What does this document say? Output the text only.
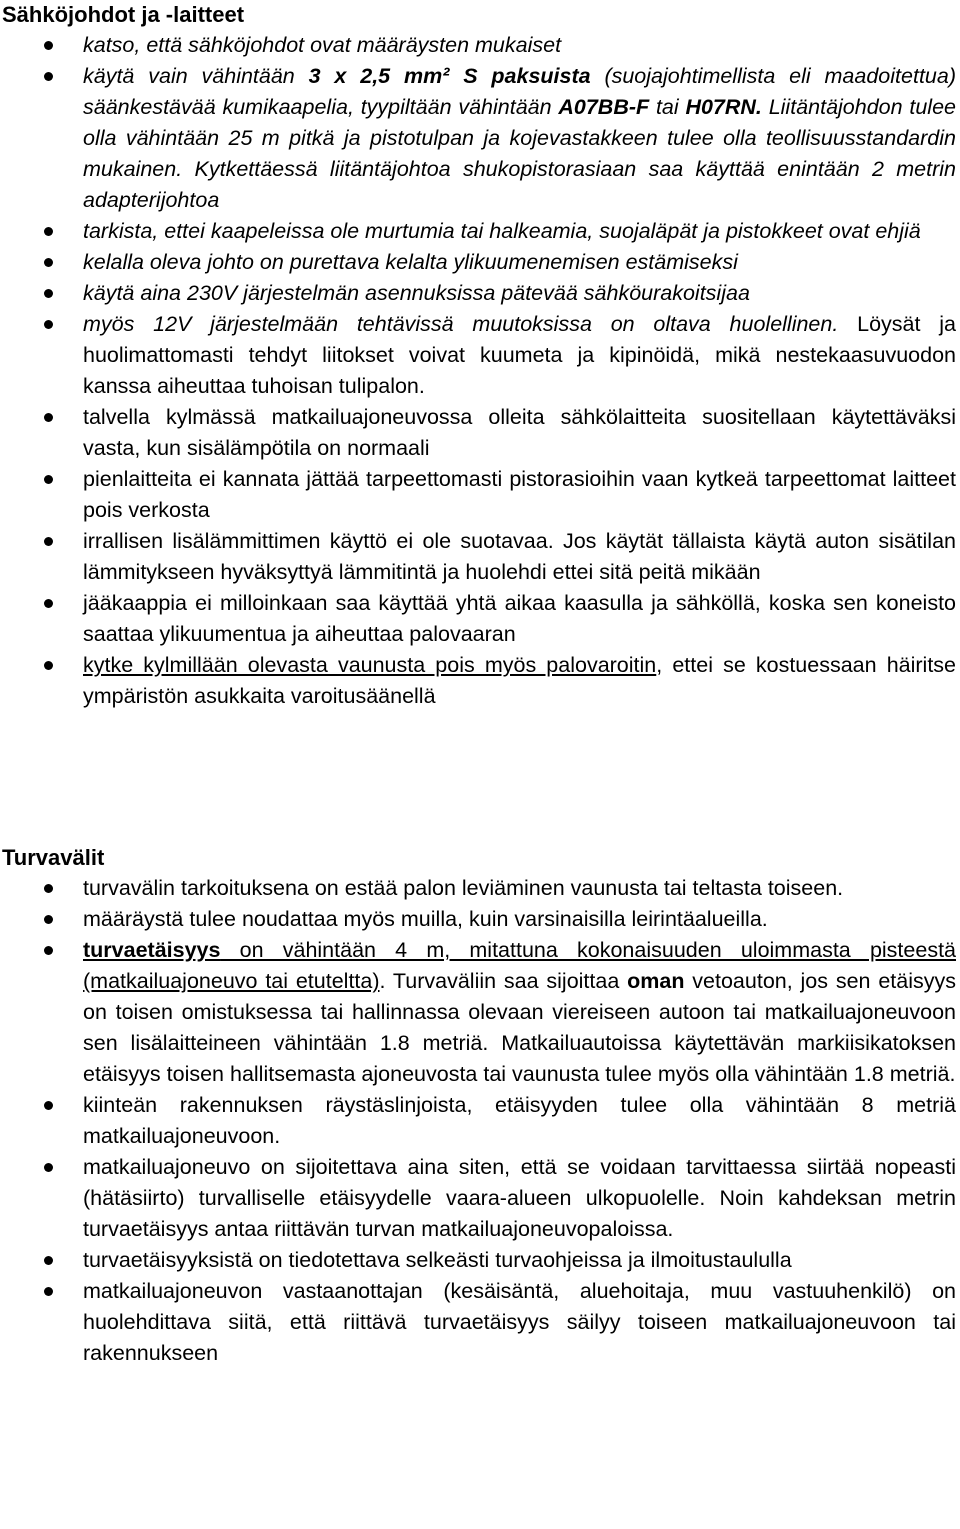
Sähköjohdot ja -laitteet
katso, että sähköjohdot ovat määräysten mukaiset
käytä vain vähintään 3 x 2,5 mm² S paksuista (suojajohtimellista eli maadoitettua) säänkestävää kumikaapelia, tyypiltään vähintään A07BB-F tai H07RN. Liitäntäjohdon tulee olla vähintään 25 m pitkä ja pistotulpan ja kojevastakkeen tulee olla teollisuusstandardin mukainen. Kytkettäessä liitäntäjohtoa shukopistorasiaan saa käyttää enintään 2 metrin adapterijohtoa
tarkista, ettei kaapeleissa ole murtumia tai halkeamia, suojaläpät ja pistokkeet ovat ehjiä
kelalla oleva johto on purettava kelalta ylikuumenemisen estämiseksi
käytä aina 230V järjestelmän asennuksissa pätevää sähköurakoitsijaa
myös 12V järjestelmään tehtävissä muutoksissa on oltava huolellinen. Löysät ja huolimattomasti tehdyt liitokset voivat kuumeta ja kipinöidä, mikä nestekaasuvuodon kanssa aiheuttaa tuhoisan tulipalon.
talvella kylmässä matkailuajoneuvossa olleita sähkölaitteita suositellaan käytettäväksi vasta, kun sisälämpötila on normaali
pienlaitteita ei kannata jättää tarpeettomasti pistorasioihin vaan kytkeä tarpeettomat laitteet pois verkosta
irrallisen lisälämmittimen käyttö ei ole suotavaa. Jos käytät tällaista käytä auton sisätilan lämmitykseen hyväksyttyä lämmitintä ja huolehdi ettei sitä peitä mikään
jääkaappia ei milloinkaan saa käyttää yhtä aikaa kaasulla ja sähköllä, koska sen koneisto saattaa ylikuumentua ja aiheuttaa palovaaran
kytke kylmillään olevasta vaunusta pois myös palovaroitin, ettei se kostuessaan häiritse ympäristön asukkaita varoitusäänellä
Turvavälit
turvavälin tarkoituksena on estää palon leviäminen vaunusta tai teltasta toiseen.
määräystä tulee noudattaa myös muilla, kuin varsinaisilla leirintäalueilla.
turvaetäisyys on vähintään 4 m, mitattuna kokonaisuuden uloimmasta pisteestä (matkailuajoneuvo tai etuteltta). Turvaväliin saa sijoittaa oman vetoauton, jos sen etäisyys on toisen omistuksessa tai hallinnassa olevaan viereiseen autoon tai matkailuajoneuvoon sen lisälaitteineen vähintään 1.8 metriä. Matkailuautoissa käytettävän markiisikatoksen etäisyys toisen hallitsemasta ajoneuvosta tai vaunusta tulee myös olla vähintään 1.8 metriä.
kiinteän rakennuksen räystäslinjoista, etäisyyden tulee olla vähintään 8 metriä matkailuajoneuvoon.
matkailuajoneuvo on sijoitettava aina siten, että se voidaan tarvittaessa siirtää nopeasti (hätäsiirto) turvalliselle etäisyydelle vaara-alueen ulkopuolelle. Noin kahdeksan metrin turvaetäisyys antaa riittävän turvan matkailuajoneuvopaloissa.
turvaetäisyyksistä on tiedotettava selkeästi turvaohjeissa ja ilmoitustaululla
matkailuajoneuvon vastaanottajan (kesäisäntä, aluehoitaja, muu vastuuhenkilö) on huolehdittava siitä, että riittävä turvaetäisyys säilyy toiseen matkailuajoneuvoon tai rakennukseen
